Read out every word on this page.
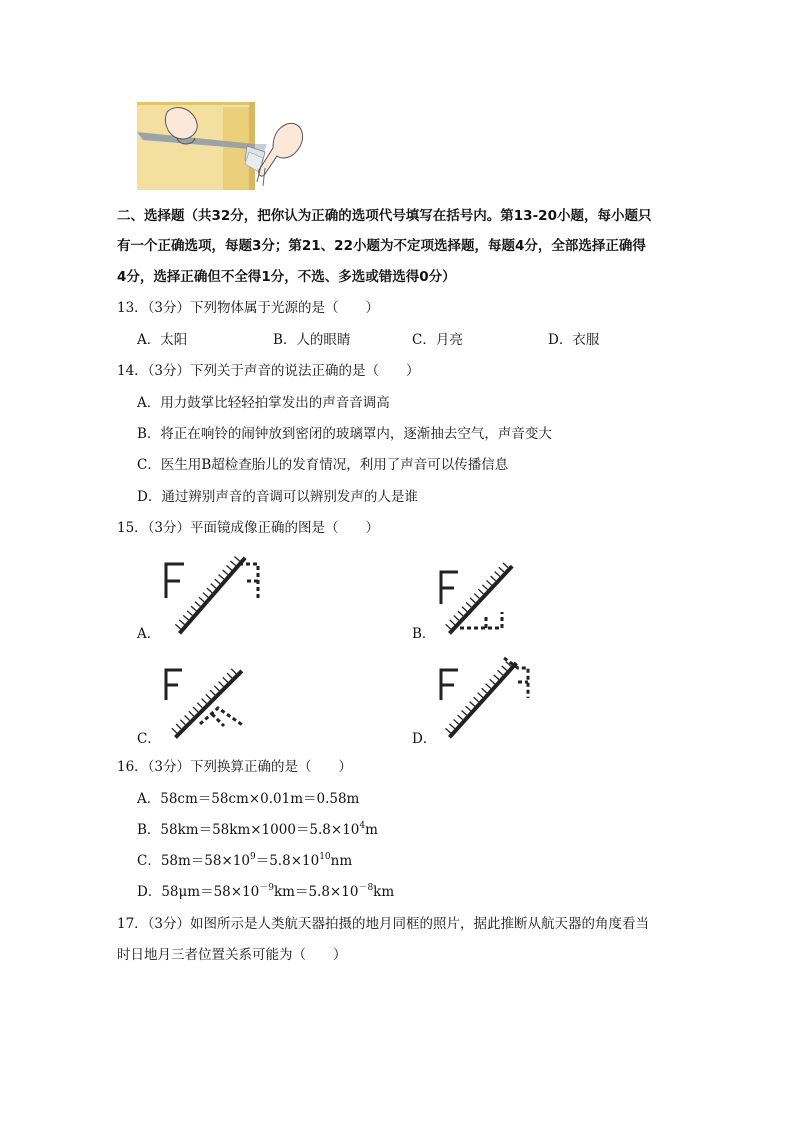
二、选择题（共32分，把你认为正确的选项代号填写在括号内。第13-20小题，每小题只
有一个正确选项，每题3分；第21、22小题为不定项选择题，每题4分，全部选择正确得
4分，选择正确但不全得1分，不选、多选或错选得0分）
13．（3分）下列物体属于光源的是（　　）
A．太阳	B．人的眼睛	C．月亮	D．衣服
14．（3分）下列关于声音的说法正确的是（　　）
A．用力鼓掌比轻轻拍掌发出的声音音调高
B．将正在响铃的闹钟放到密闭的玻璃罩内，逐渐抽去空气，声音变大
C．医生用B超检查胎儿的发育情况，利用了声音可以传播信息
D．通过辨别声音的音调可以辨别发声的人是谁
15．（3分）平面镜成像正确的图是（　　）
A．	B．
C．	D．
16．（3分）下列换算正确的是（　　）
A．58cm＝58cm×0.01m＝0.58m
B．$58km=58km\times 1000=5.8\times 10^4m$
C．$58m=58\times 10^9=5.8\times 10^{10}nm$
D．$58\mu m=58\times 10^{-9}km=5.8\times 10^{-8}km$
17．（3分）如图所示是人类航天器拍摄的地月同框的照片，据此推断从航天器的角度看当
时日地月三者位置关系可能为（　　）
